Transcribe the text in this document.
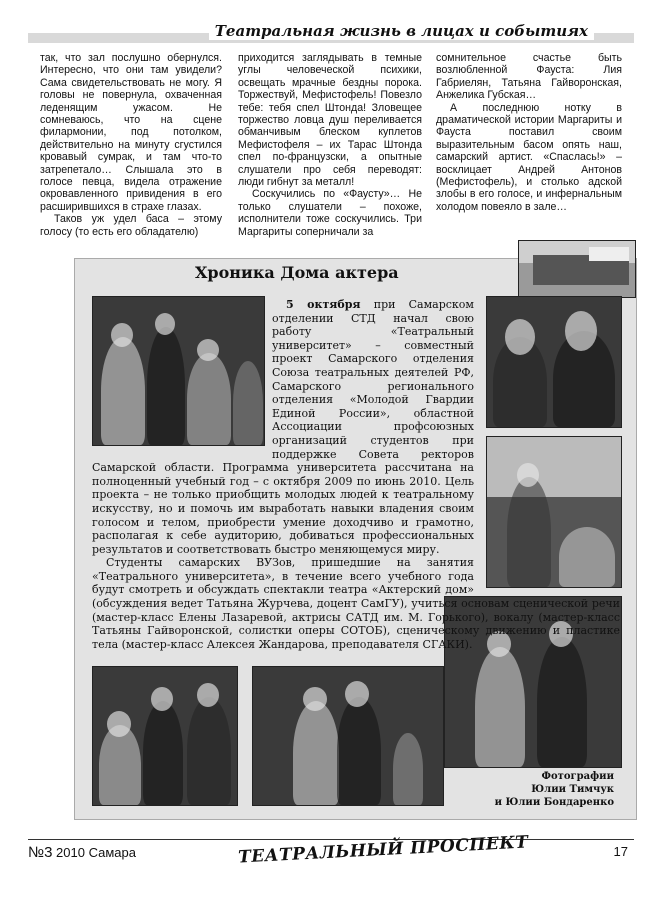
Театральная жизнь в лицах и событиях

так, что зал послушно обернулся. Интересно, что они там увидели? Сама свидетельствовать не могу. Я головы не повернула, охваченная леденящим ужасом. Не сомневаюсь, что на сцене филармонии, под потолком, действительно на минуту сгустился кровавый сумрак, и там что-то затрепетало… Слышала это в голосе певца, видела отражение окровавленного привидения в его расширившихся в страхе глазах.

Таков уж удел баса – этому голосу (то есть его обладателю)

приходится заглядывать в темные углы человеческой психики, освещать мрачные бездны порока. Торжествуй, Мефистофель! Повезло тебе: тебя спел Штонда! Зловещее торжество ловца душ переливается обманчивым блеском куплетов Мефистофеля – их Тарас Штонда спел по-французски, а опытные слушатели про себя переводят: люди гибнут за металл!

Соскучились по «Фаусту»… Не только слушатели – похоже, исполнители тоже соскучились. Три Маргариты соперничали за

сомнительное счастье быть возлюбленной Фауста: Лия Габриелян, Татьяна Гайворонская, Анжелика Губская…

А последнюю нотку в драматической истории Маргариты и Фауста поставил своим выразительным басом опять наш, самарский артист. «Спаслась!» – восклицает Андрей Антонов (Мефистофель), и столько адской злобы в его голосе, и инфернальным холодом повеяло в зале…

Хроника Дома актера

5 октября при Самарском отделении СТД начал свою работу «Театральный университет» – совместный проект Самарского отделения Союза театральных деятелей РФ, Самарского регионального отделения «Молодой Гвардии Единой России», областной Ассоциации профсоюзных организаций студентов при поддержке Совета ректоров Самарской области. Программа университета рассчитана на полноценный учебный год – с октября 2009 по июнь 2010. Цель проекта – не только приобщить молодых людей к театральному искусству, но и помочь им выработать навыки владения своим голосом и телом, приобрести умение доходчиво и грамотно, располагая к себе аудиторию, добиваться профессиональных результатов и соответствовать быстро меняющемуся миру.

Студенты самарских ВУЗов, пришедшие на занятия «Театрального университета», в течение всего учебного года будут смотреть и обсуждать спектакли театра «Актерский дом» (обсуждения ведет Татьяна Журчева, доцент СамГУ), учиться основам сценической речи (мастер-класс Елены Лазаревой, актрисы САТД им. М. Горького), вокалу (мастер-класс Татьяны Гайворонской, солистки оперы СОТОБ), сценическому движению и пластике тела (мастер-класс Алексея Жандарова, преподавателя СГАКИ).

Фотографии
Юлии Тимчук
и Юлии Бондаренко
№3 2010 Самара	ТЕАТРАЛЬНЫЙ ПРОСПЕКТ	17
